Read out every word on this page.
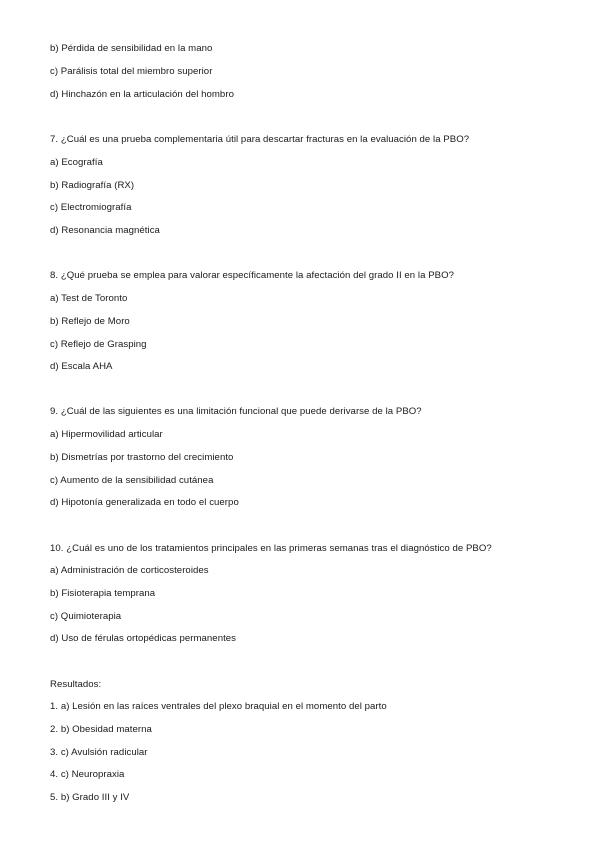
b) Pérdida de sensibilidad en la mano
c) Parálisis total del miembro superior
d) Hinchazón en la articulación del hombro
7. ¿Cuál es una prueba complementaria útil para descartar fracturas en la evaluación de la PBO?
a) Ecografía
b) Radiografía (RX)
c) Electromiografía
d) Resonancia magnética
8. ¿Qué prueba se emplea para valorar específicamente la afectación del grado II en la PBO?
a) Test de Toronto
b) Reflejo de Moro
c) Reflejo de Grasping
d) Escala AHA
9. ¿Cuál de las siguientes es una limitación funcional que puede derivarse de la PBO?
a) Hipermovilidad articular
b) Dismetrías por trastorno del crecimiento
c) Aumento de la sensibilidad cutánea
d) Hipotonía generalizada en todo el cuerpo
10. ¿Cuál es uno de los tratamientos principales en las primeras semanas tras el diagnóstico de PBO?
a) Administración de corticosteroides
b) Fisioterapia temprana
c) Quimioterapia
d) Uso de férulas ortopédicas permanentes
Resultados:
1. a) Lesión en las raíces ventrales del plexo braquial en el momento del parto
2. b) Obesidad materna
3. c) Avulsión radicular
4. c) Neuropraxia
5. b) Grado III y IV
